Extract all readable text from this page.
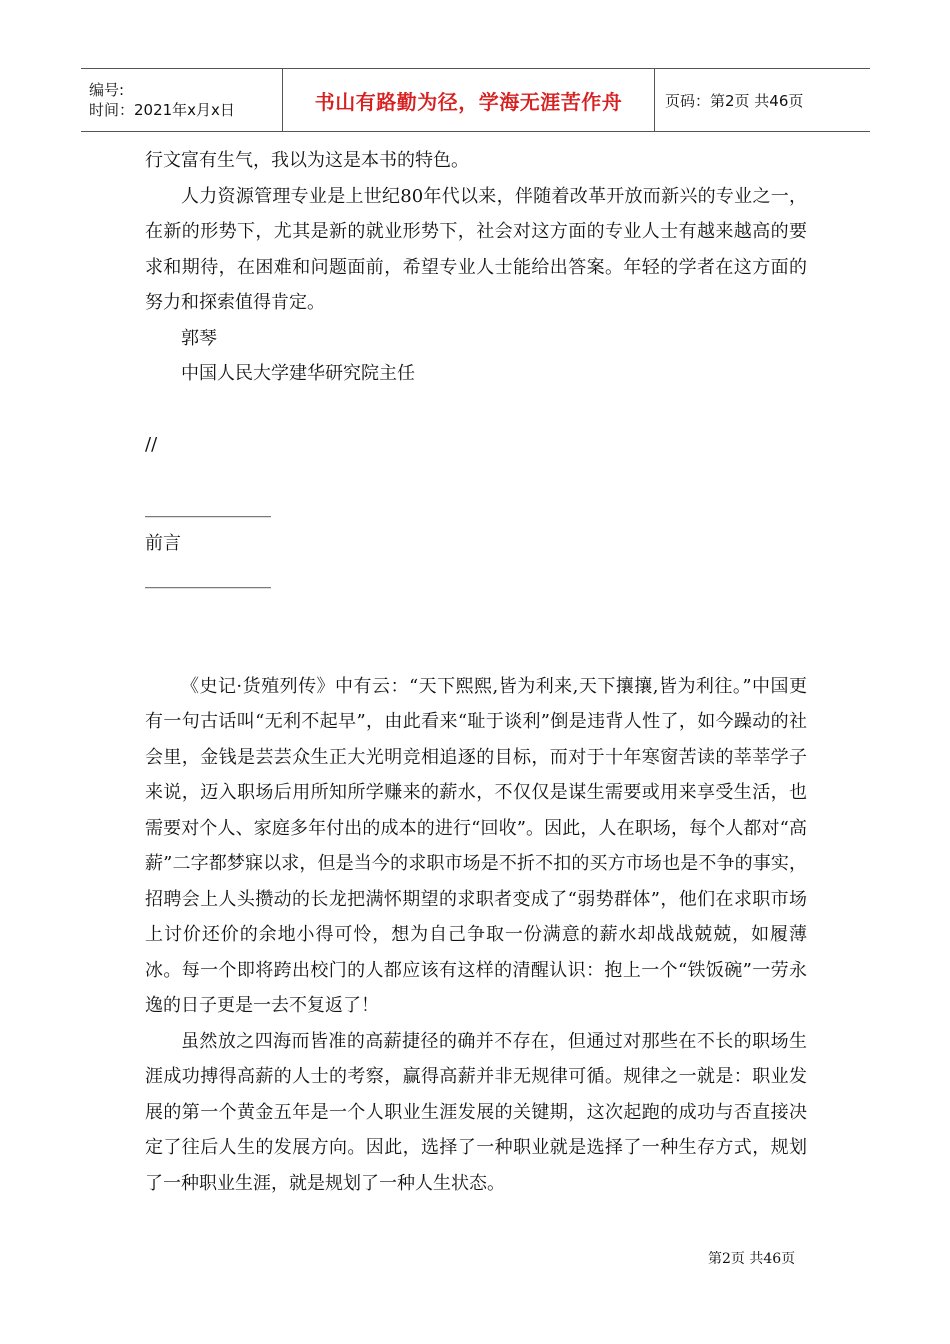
编号:
时间：2021年x月x日	书山有路勤为径，学海无涯苦作舟	页码：第2页 共46页

行文富有生气，我以为这是本书的特色。

人力资源管理专业是上世纪80年代以来，伴随着改革开放而新兴的专业之一，在新的形势下，尤其是新的就业形势下，社会对这方面的专业人士有越来越高的要求和期待，在困难和问题面前，希望专业人士能给出答案。年轻的学者在这方面的努力和探索值得肯定。

郭琴

中国人民大学建华研究院主任

//

______________

前言

______________

《史记·货殖列传》中有云：“天下熙熙,皆为利来,天下攘攘,皆为利往。”中国更有一句古话叫“无利不起早”，由此看来“耻于谈利”倒是违背人性了，如今躁动的社会里，金钱是芸芸众生正大光明竞相追逐的目标，而对于十年寒窗苦读的莘莘学子来说，迈入职场后用所知所学赚来的薪水，不仅仅是谋生需要或用来享受生活，也需要对个人、家庭多年付出的成本的进行“回收”。因此，人在职场，每个人都对“高薪”二字都梦寐以求，但是当今的求职市场是不折不扣的买方市场也是不争的事实，招聘会上人头攒动的长龙把满怀期望的求职者变成了“弱势群体”，他们在求职市场上讨价还价的余地小得可怜，想为自己争取一份满意的薪水却战战兢兢，如履薄冰。每一个即将跨出校门的人都应该有这样的清醒认识：抱上一个“铁饭碗”一劳永逸的日子更是一去不复返了！

虽然放之四海而皆准的高薪捷径的确并不存在，但通过对那些在不长的职场生涯成功搏得高薪的人士的考察，赢得高薪并非无规律可循。规律之一就是：职业发展的第一个黄金五年是一个人职业生涯发展的关键期，这次起跑的成功与否直接决定了往后人生的发展方向。因此，选择了一种职业就是选择了一种生存方式，规划了一种职业生涯，就是规划了一种人生状态。

第2页 共46页
